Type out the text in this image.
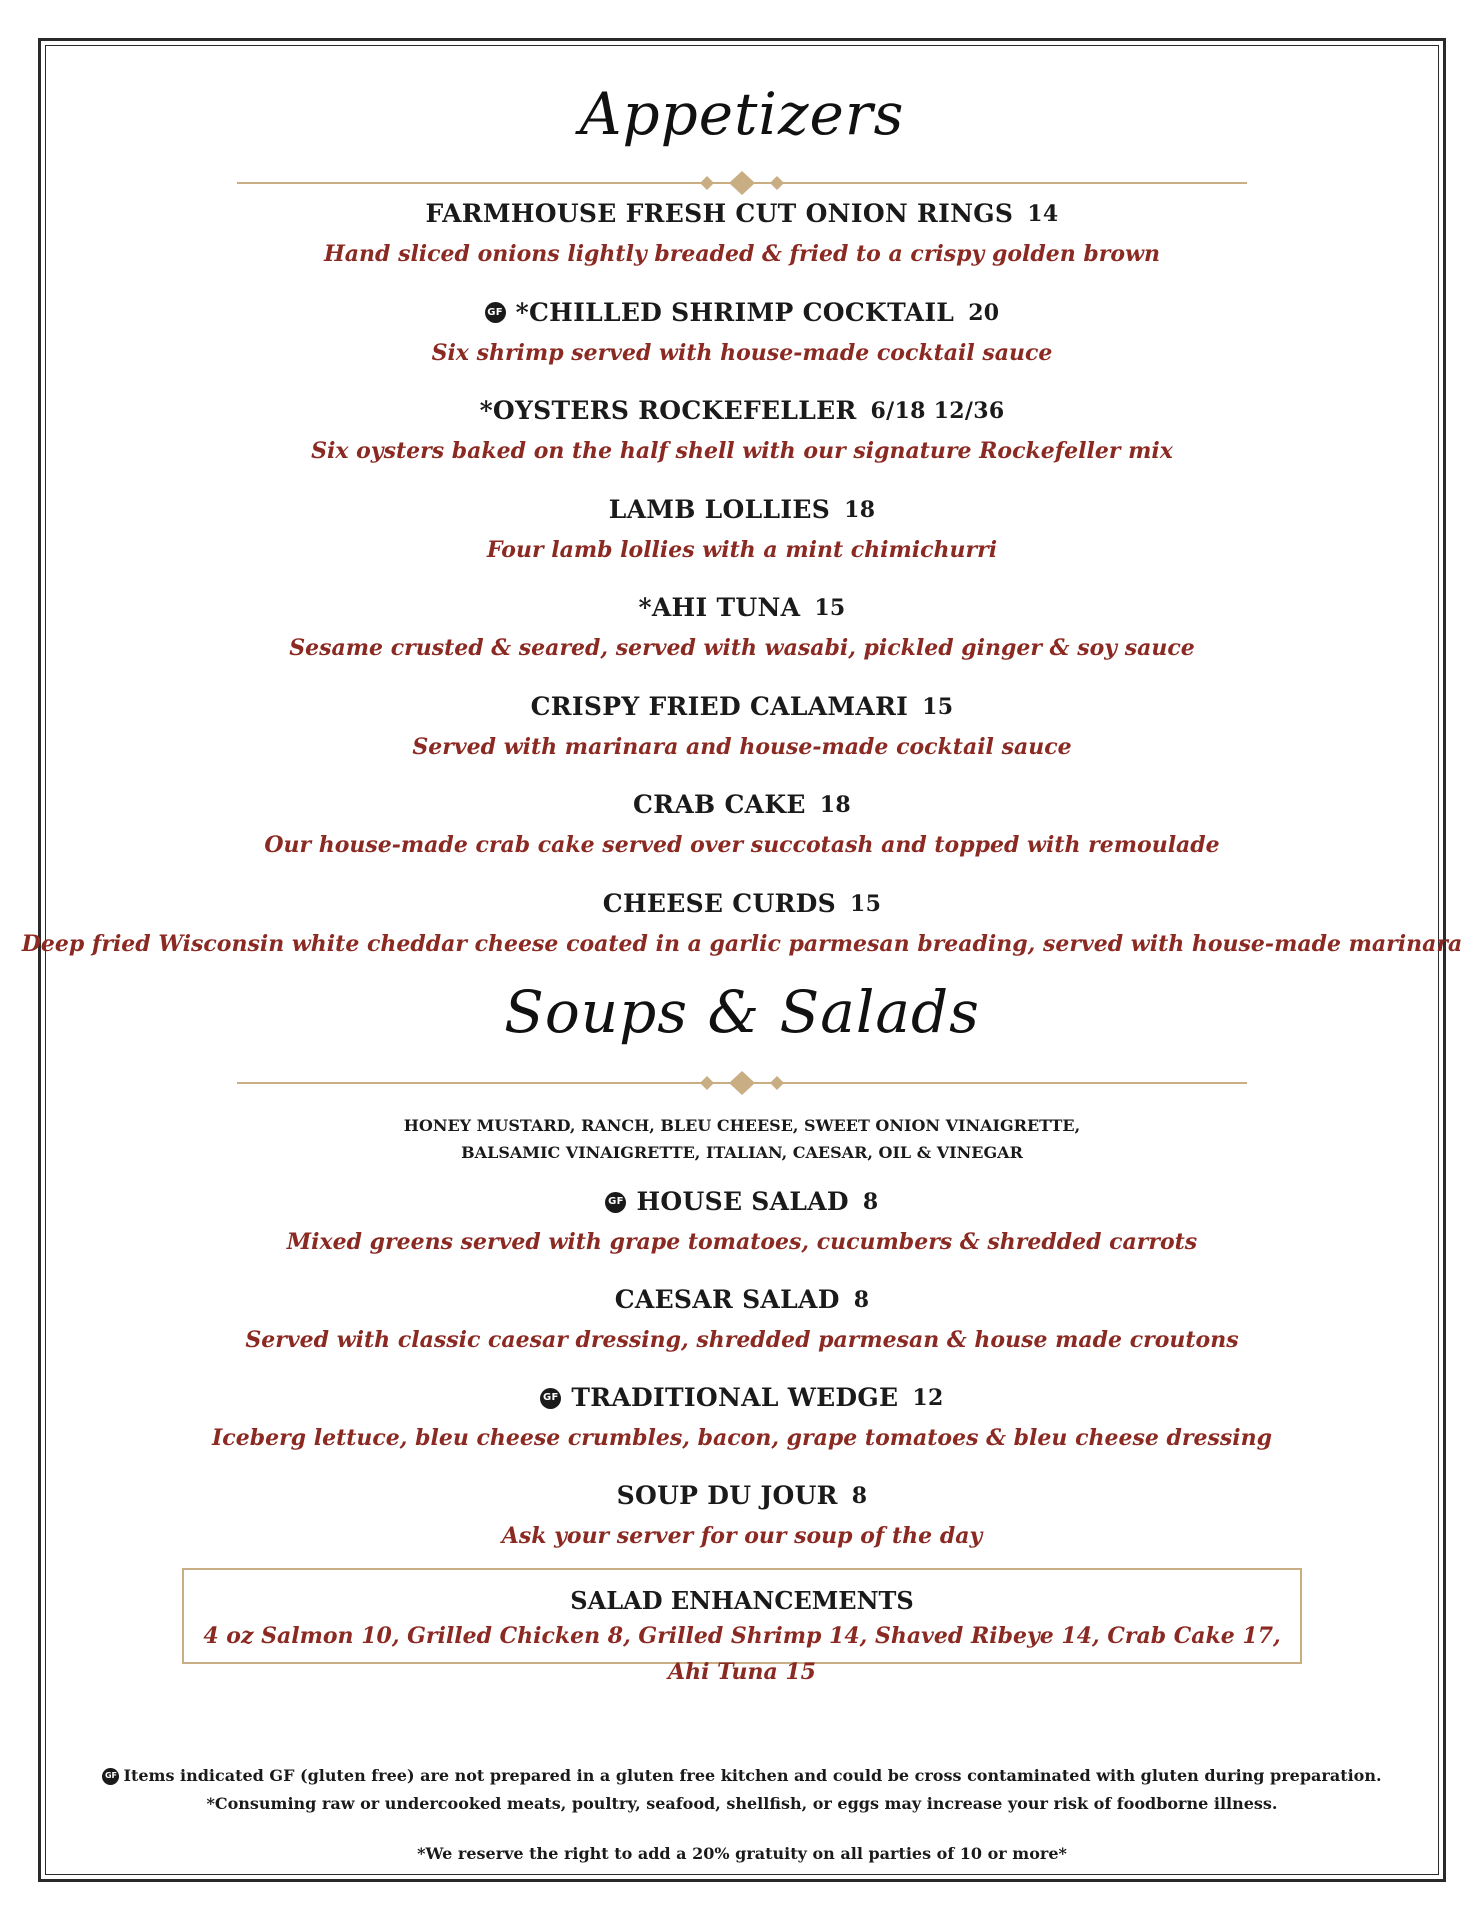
Appetizers
FARMHOUSE FRESH CUT ONION RINGS 14
Hand sliced onions lightly breaded & fried to a crispy golden brown
GF *CHILLED SHRIMP COCKTAIL 20
Six shrimp served with house-made cocktail sauce
*OYSTERS ROCKEFELLER 6/18 12/36
Six oysters baked on the half shell with our signature Rockefeller mix
LAMB LOLLIES 18
Four lamb lollies with a mint chimichurri
*AHI TUNA 15
Sesame crusted & seared, served with wasabi, pickled ginger & soy sauce
CRISPY FRIED CALAMARI 15
Served with marinara and house-made cocktail sauce
CRAB CAKE 18
Our house-made crab cake served over succotash and topped with remoulade
CHEESE CURDS 15
Deep fried Wisconsin white cheddar cheese coated in a garlic parmesan breading, served with house-made marinara
Soups & Salads
HONEY MUSTARD, RANCH, BLEU CHEESE, SWEET ONION VINAIGRETTE,
BALSAMIC VINAIGRETTE, ITALIAN, CAESAR, OIL & VINEGAR
GF HOUSE SALAD 8
Mixed greens served with grape tomatoes, cucumbers & shredded carrots
CAESAR SALAD 8
Served with classic caesar dressing, shredded parmesan & house made croutons
GF TRADITIONAL WEDGE 12
Iceberg lettuce, bleu cheese crumbles, bacon, grape tomatoes & bleu cheese dressing
SOUP DU JOUR 8
Ask your server for our soup of the day
SALAD ENHANCEMENTS
4 oz Salmon 10, Grilled Chicken 8, Grilled Shrimp 14, Shaved Ribeye 14, Crab Cake 17, Ahi Tuna 15
GF Items indicated GF (gluten free) are not prepared in a gluten free kitchen and could be cross contaminated with gluten during preparation.
*Consuming raw or undercooked meats, poultry, seafood, shellfish, or eggs may increase your risk of foodborne illness.
*We reserve the right to add a 20% gratuity on all parties of 10 or more*
